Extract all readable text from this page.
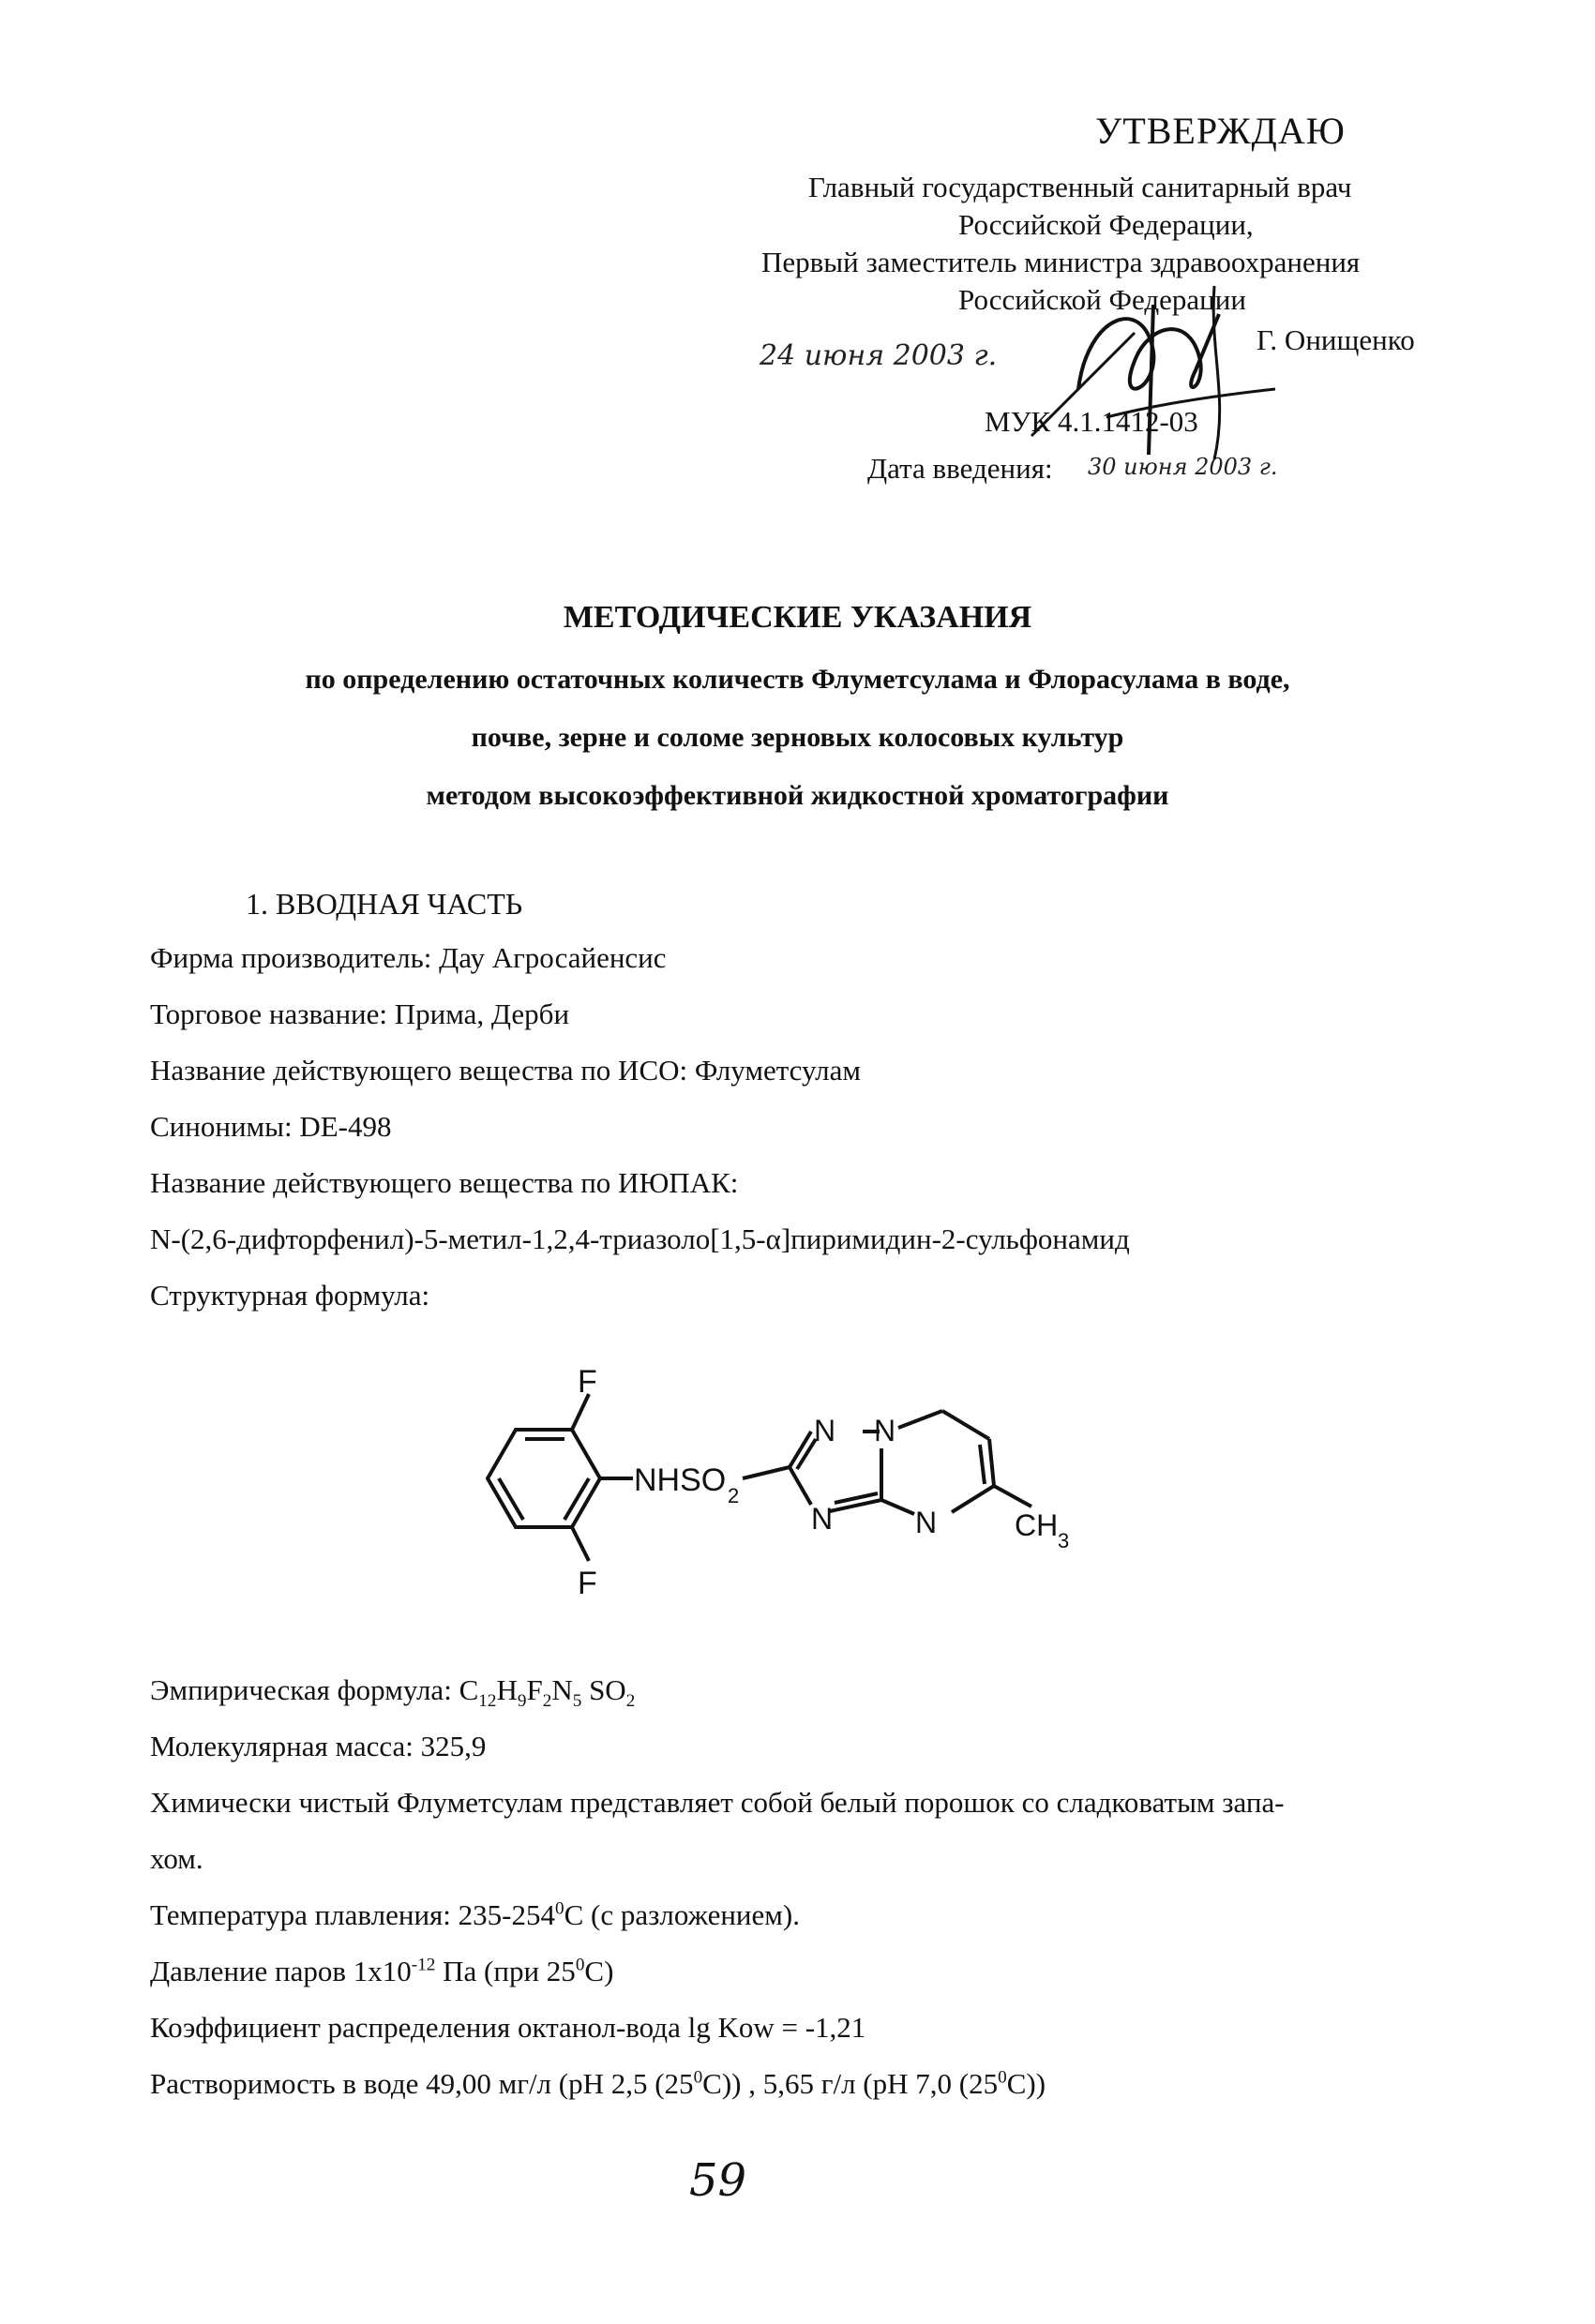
УТВЕРЖДАЮ
Главный государственный санитарный врач
Российской Федерации,
Первый заместитель министра здравоохранения
Российской Федерации
Г. Онищенко
24 июня 2003 г.
МУК 4.1.1412-03
Дата введения: 30 июня 2003 г.
МЕТОДИЧЕСКИЕ УКАЗАНИЯ
по определению остаточных количеств Флуметсулама и Флорасулама в воде,
почве, зерне и соломе зерновых колосовых культур
методом высокоэффективной жидкостной хроматографии
1. ВВОДНАЯ ЧАСТЬ
Фирма производитель: Дау Агросайенсис
Торговое название: Прима, Дерби
Название действующего вещества по ИСО: Флуметсулам
Синонимы: DE-498
Название действующего вещества по ИЮПАК:
N-(2,6-дифторфенил)-5-метил-1,2,4-триазоло[1,5-α]пиримидин-2-сульфонамид
Структурная формула:
F
F
NHSO 2
N N
N	N	CH 3
Эмпирическая формула: $C_{12}H_9F_2N_5$ $SO_2$
Молекулярная масса: 325,9
Химически чистый Флуметсулам представляет собой белый порошок со сладковатым запа-
хом.
Температура плавления: $235-254^0C$ (с разложением).
Давление паров $1x10^{-12}$ Па (при $25^0C$)
Коэффициент распределения октанол-вода lg Kow = -1,21
Растворимость в воде 49,00 мг/л (pH 2,5 $(25^0C)$) , 5,65 г/л (pH 7,0 $(25^0C)$)
59
